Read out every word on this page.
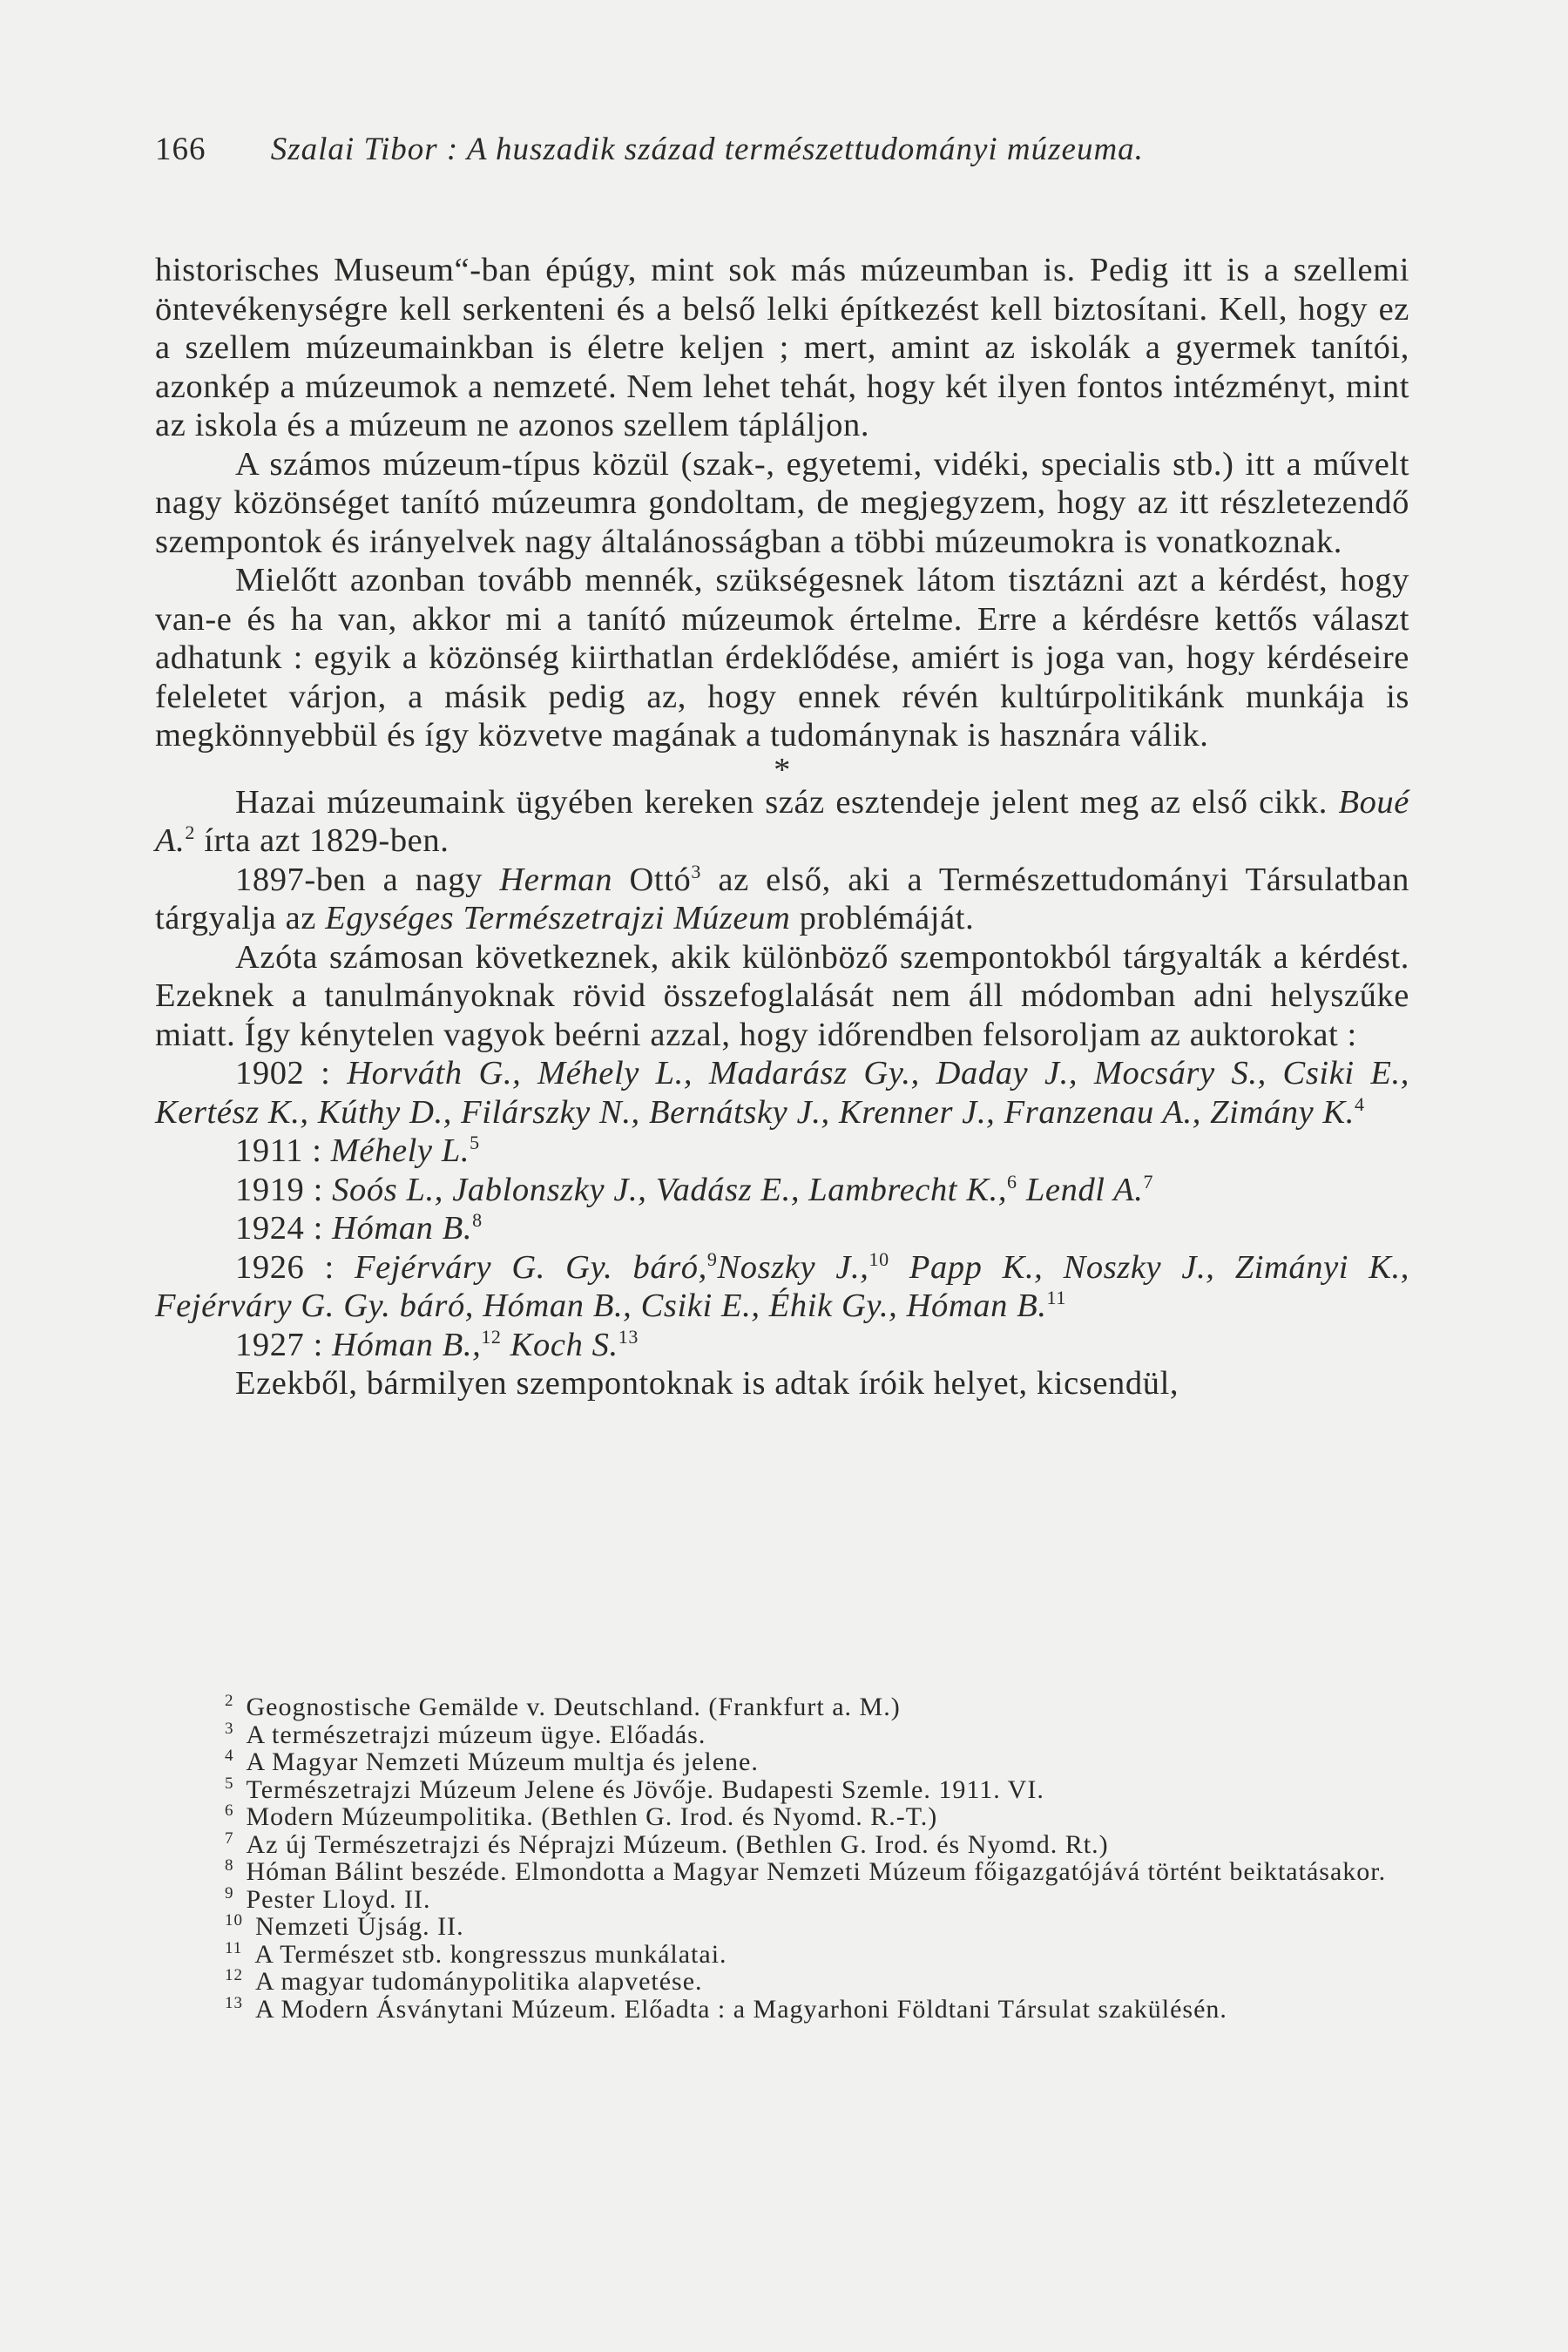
166 Szalai Tibor : A huszadik század természettudományi múzeuma.

historisches Museum“-ban épúgy, mint sok más múzeumban is. Pedig itt is a szellemi öntevékenységre kell serkenteni és a belső lelki építkezést kell biztosítani. Kell, hogy ez a szellem múzeumainkban is életre keljen ; mert, amint az iskolák a gyermek tanítói, azonkép a múzeumok a nemzeté. Nem lehet tehát, hogy két ilyen fontos intézményt, mint az iskola és a múzeum ne azonos szellem tápláljon.

A számos múzeum-típus közül (szak-, egyetemi, vidéki, specialis stb.) itt a művelt nagy közönséget tanító múzeumra gondoltam, de megjegyzem, hogy az itt részletezendő szempontok és irányelvek nagy általánosságban a többi múzeumokra is vonatkoznak.

Mielőtt azonban tovább mennék, szükségesnek látom tisztázni azt a kérdést, hogy van-e és ha van, akkor mi a tanító múzeumok értelme. Erre a kérdésre kettős választ adhatunk : egyik a közönség kiirthatlan érdeklődése, amiért is joga van, hogy kérdéseire feleletet várjon, a másik pedig az, hogy ennek révén kultúrpolitikánk munkája is megkönnyebbül és így közvetve magának a tudománynak is hasznára válik.

*

Hazai múzeumaink ügyében kereken száz esztendeje jelent meg az első cikk. Boué A.$^2$ írta azt 1829-ben.

1897-ben a nagy Herman Ottó$^3$ az első, aki a Természettudományi Társulatban tárgyalja az Egységes Természetrajzi Múzeum problémáját.

Azóta számosan következnek, akik különböző szempontokból tárgyalták a kérdést. Ezeknek a tanulmányoknak rövid összefoglalását nem áll módomban adni helyszűke miatt. Így kénytelen vagyok beérni azzal, hogy időrendben felsoroljam az auktorokat :

1902 : Horváth G., Méhely L., Madarász Gy., Daday J., Mocsáry S., Csiki E., Kertész K., Kúthy D., Filárszky N., Bernátsky J., Krenner J., Franzenau A., Zimány K.$^4$

1911 : Méhely L.$^5$

1919 : Soós L., Jablonszky J., Vadász E., Lambrecht K.,$^6$ Lendl A.$^7$

1924 : Hóman B.$^8$

1926 : Fejérváry G. Gy. báró,$^9$Noszky J.,$^{10}$ Papp K., Noszky J., Zimányi K., Fejérváry G. Gy. báró, Hóman B., Csiki E., Éhik Gy., Hóman B.$^{11}$

1927 : Hóman B.,$^{12}$ Koch S.$^{13}$

Ezekből, bármilyen szempontoknak is adtak íróik helyet, kicsendül,

$^2$ Geognostische Gemälde v. Deutschland. (Frankfurt a. M.)

$^3$ A természetrajzi múzeum ügye. Előadás.

$^4$ A Magyar Nemzeti Múzeum multja és jelene.

$^5$ Természetrajzi Múzeum Jelene és Jövője. Budapesti Szemle. 1911. VI.

$^6$ Modern Múzeumpolitika. (Bethlen G. Irod. és Nyomd. R.-T.)

$^7$ Az új Természetrajzi és Néprajzi Múzeum. (Bethlen G. Irod. és Nyomd. Rt.)

$^8$ Hóman Bálint beszéde. Elmondotta a Magyar Nemzeti Múzeum főigazgatójává történt beiktatásakor.

$^9$ Pester Lloyd. II.

$^{10}$ Nemzeti Újság. II.

$^{11}$ A Természet stb. kongresszus munkálatai.

$^{12}$ A magyar tudománypolitika alapvetése.

$^{13}$ A Modern Ásványtani Múzeum. Előadta : a Magyarhoni Földtani Társulat szakülésén.
